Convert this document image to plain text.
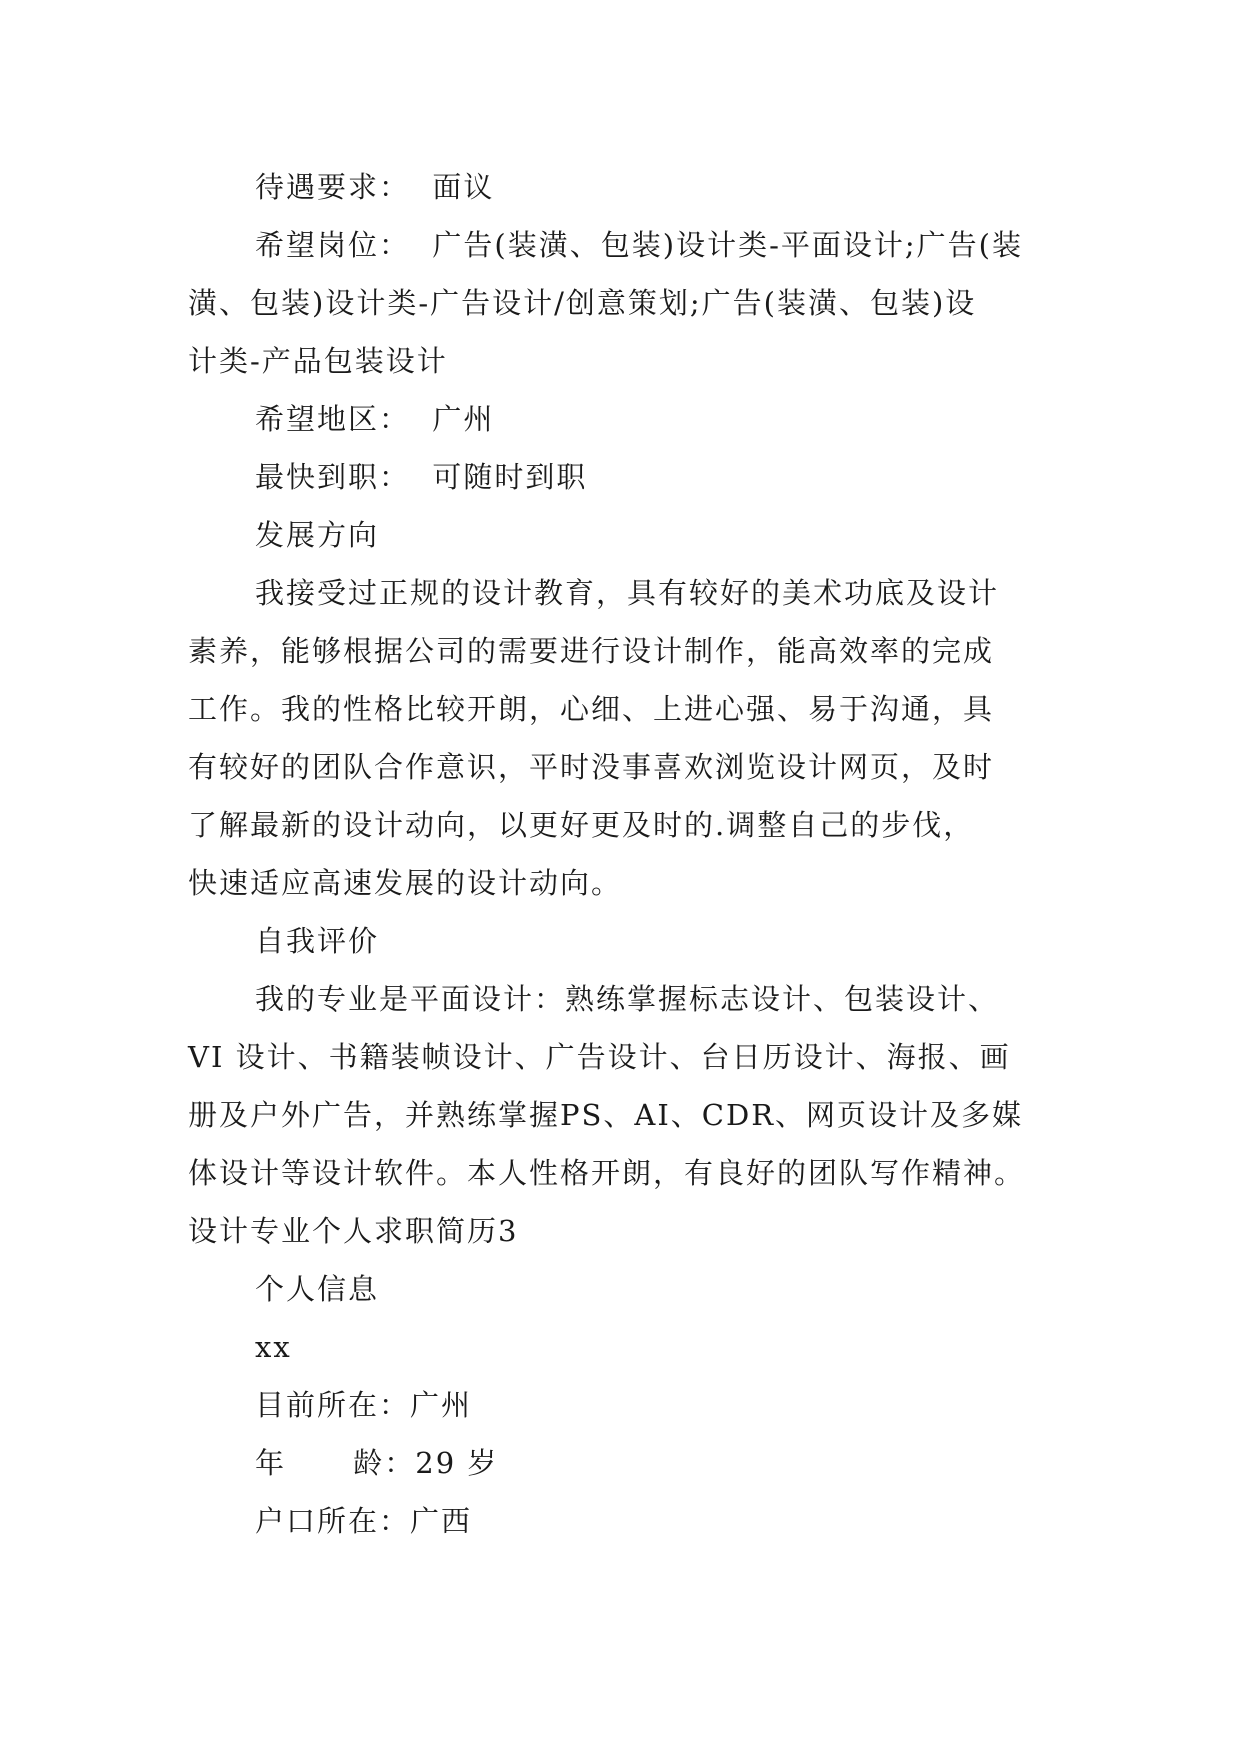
待遇要求：  面议

希望岗位：  广告(装潢、包装)设计类-平面设计;广告(装

潢、包装)设计类-广告设计/创意策划;广告(装潢、包装)设

计类-产品包装设计

希望地区：  广州

最快到职：  可随时到职

发展方向

我接受过正规的设计教育，具有较好的美术功底及设计

素养，能够根据公司的需要进行设计制作，能高效率的完成

工作。我的性格比较开朗，心细、上进心强、易于沟通，具

有较好的团队合作意识，平时没事喜欢浏览设计网页，及时

了解最新的设计动向，以更好更及时的.调整自己的步伐，

快速适应高速发展的设计动向。

自我评价

我的专业是平面设计：熟练掌握标志设计、包装设计、

VI 设计、书籍装帧设计、广告设计、台日历设计、海报、画

册及户外广告，并熟练掌握PS、AI、CDR、网页设计及多媒

体设计等设计软件。本人性格开朗，有良好的团队写作精神。

设计专业个人求职简历3

个人信息

xx

目前所在：广州

年      龄：29 岁

户口所在：广西
